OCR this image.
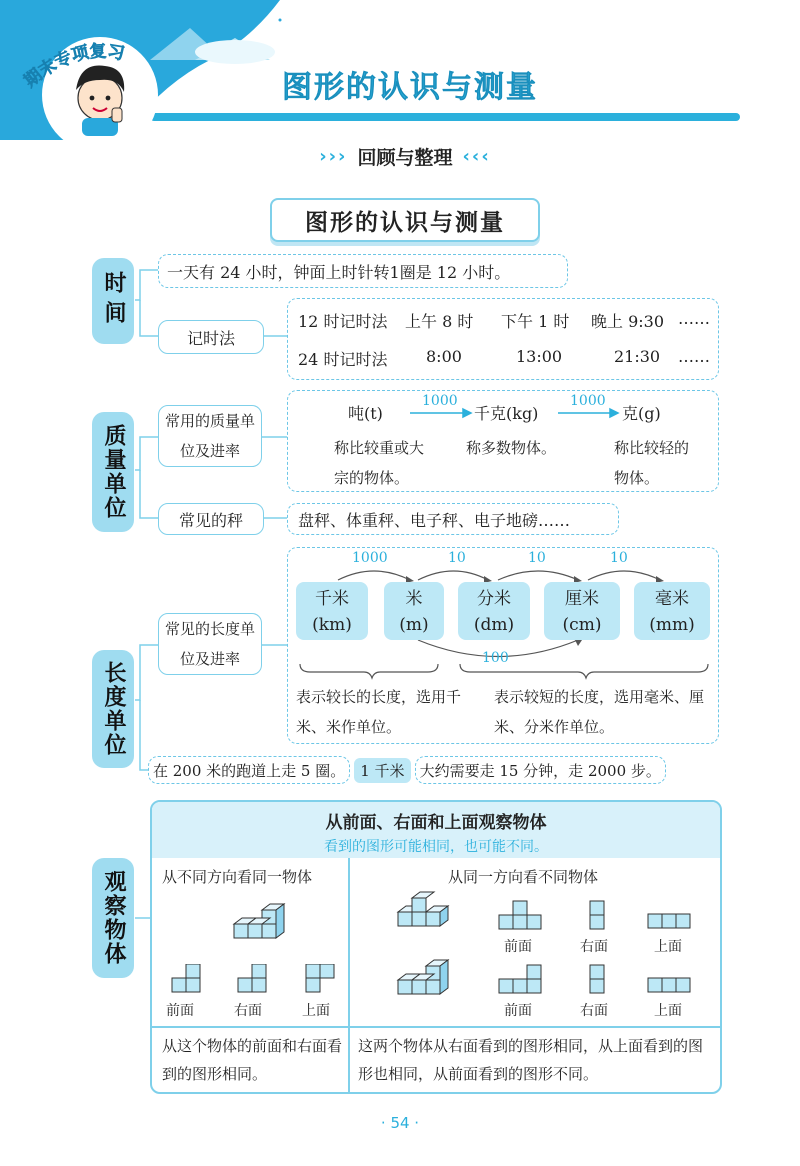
期末专项复习
图形的认识与测量
››› 回顾与整理 ‹‹‹
图形的认识与测量
时间	一天有 24 小时，钟面上时针转1圈是 12 小时。
记时法
12 时记时法 上午 8 时 下午 1 时 晚上 9:30 ……
24 时记时法 8:00	13:00	21:30 ……
质量单位
常用的质量单位及进率
吨(t)
1000
千克(kg)
1000
克(g)
称比较重或大宗的物体。
称多数物体。	称比较轻的物体。
常见的秤	盘秤、体重秤、电子秤、电子地磅……
长度单位
常见的长度单位及进率
1000	10	10	10
100
千米
(km)
米
(m)
分米
(dm)
厘米
(cm)
毫米
(mm)
表示较长的长度，选用千米、米作单位。
表示较短的长度，选用毫米、厘米、分米作单位。
在 200 米的跑道上走 5 圈。	1 千米	大约需要走 15 分钟，走 2000 步。
观察物体
从前面、右面和上面观察物体
看到的图形可能相同，也可能不同。
从不同方向看同一物体	从同一方向看不同物体
前面	右面	上面
前面	右面	上面
前面	右面	上面
从这个物体的前面和右面看到的图形相同。
这两个物体从右面看到的图形相同，从上面看到的图形也相同，从前面看到的图形不同。
· 54 ·
